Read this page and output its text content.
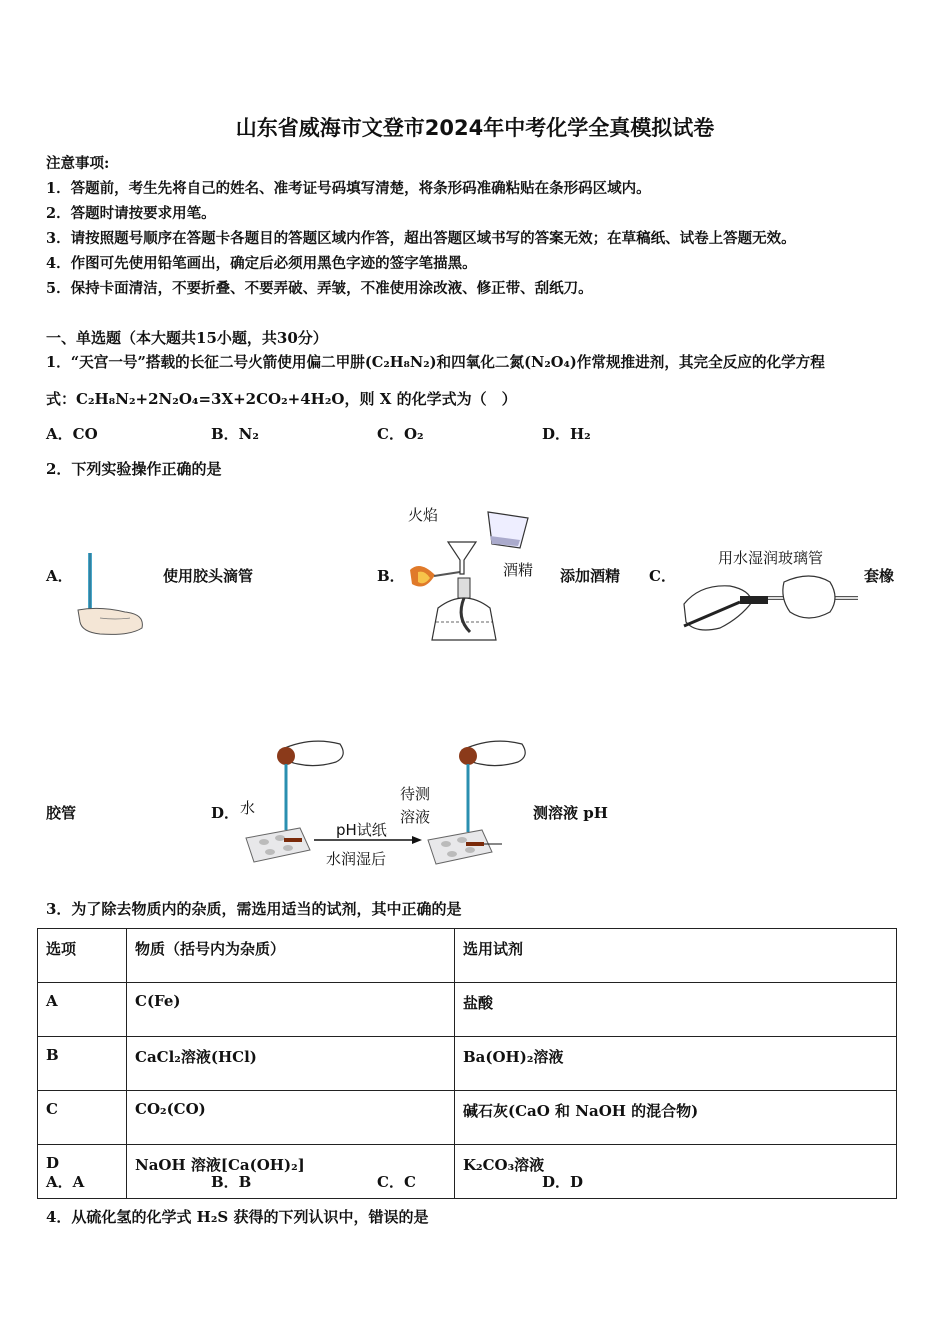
山东省威海市文登市2024年中考化学全真模拟试卷
注意事项:
1．答题前，考生先将自己的姓名、准考证号码填写清楚，将条形码准确粘贴在条形码区域内。
2．答题时请按要求用笔。
3．请按照题号顺序在答题卡各题目的答题区域内作答，超出答题区域书写的答案无效；在草稿纸、试卷上答题无效。
4．作图可先使用铅笔画出，确定后必须用黑色字迹的签字笔描黑。
5．保持卡面清洁，不要折叠、不要弄破、弄皱，不准使用涂改液、修正带、刮纸刀。
一、单选题（本大题共15小题，共30分）
1．“天宫一号”搭载的长征二号火箭使用偏二甲肼(C₂H₈N₂)和四氧化二氮(N₂O₄)作常规推进剂，其完全反应的化学方程
式：C₂H₈N₂+2N₂O₄=3X+2CO₂+4H₂O，则 X 的化学式为（　）
A．CO	B．N₂	C．O₂	D．H₂
2．下列实验操作正确的是
A．	使用胶头滴管	B．
火焰
酒精 添加酒精 C．
用水湿润玻璃管
套橡
胶管	D． 水
待测
溶液
pH试纸
水润湿后
测溶液 pH
3．为了除去物质内的杂质，需选用适当的试剂，其中正确的是
选项	物质（括号内为杂质）	选用试剂
A	C(Fe)	盐酸
B	CaCl₂溶液(HCl)	Ba(OH)₂溶液
C	CO₂(CO)	碱石灰(CaO 和 NaOH 的混合物)
D	NaOH 溶液[Ca(OH)₂]	K₂CO₃溶液
A．A	B．B	C．C	D．D
4．从硫化氢的化学式 H₂S 获得的下列认识中，错误的是
